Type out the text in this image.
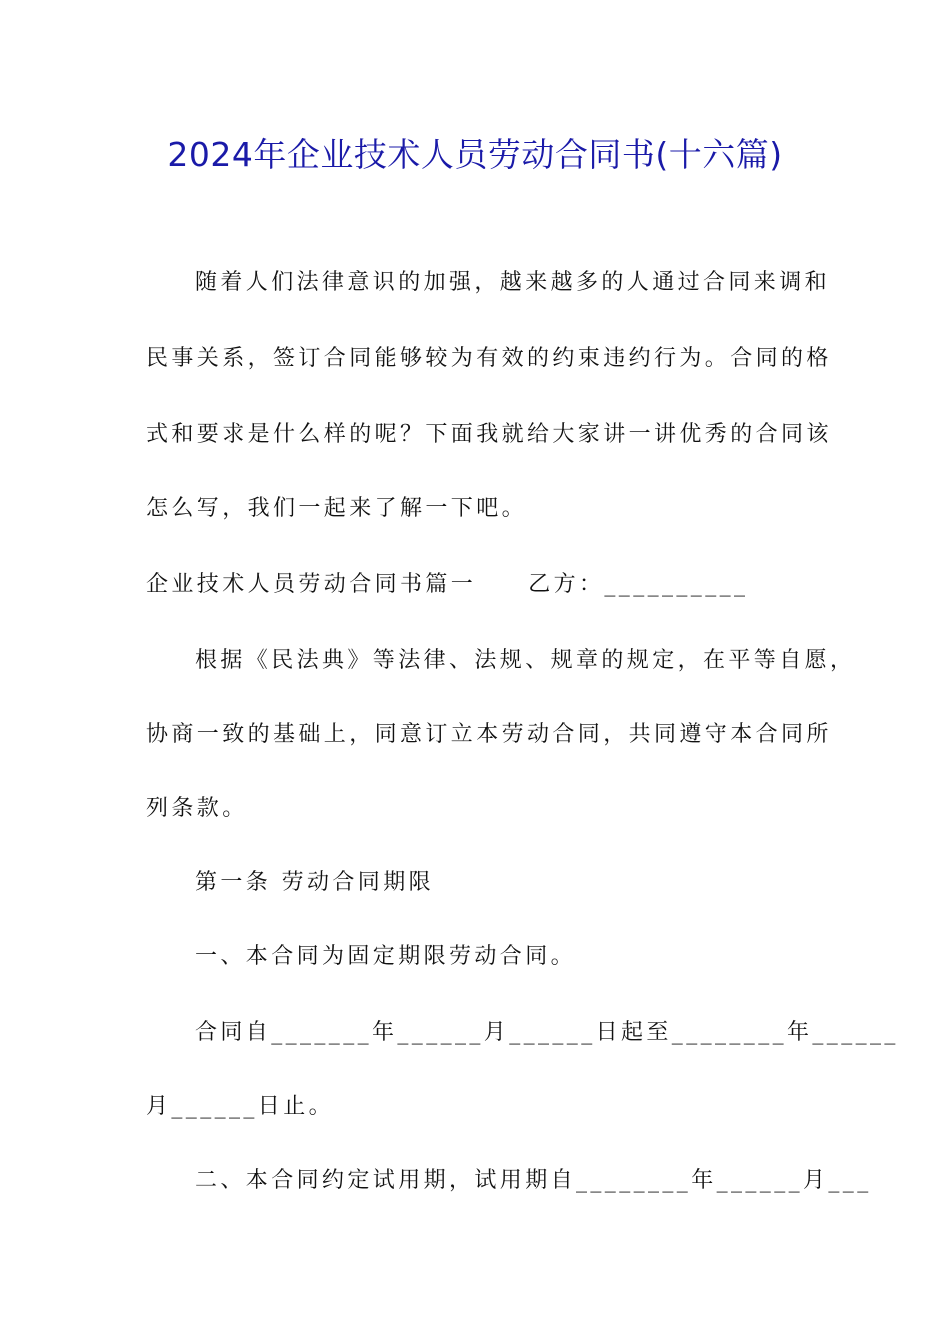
2024年企业技术人员劳动合同书(十六篇)
随着人们法律意识的加强，越来越多的人通过合同来调和
民事关系，签订合同能够较为有效的约束违约行为。合同的格
式和要求是什么样的呢？下面我就给大家讲一讲优秀的合同该
怎么写，我们一起来了解一下吧。
企业技术人员劳动合同书篇一 乙方：__________
根据《民法典》等法律、法规、规章的规定，在平等自愿，
协商一致的基础上，同意订立本劳动合同，共同遵守本合同所
列条款。
第一条 劳动合同期限
一、本合同为固定期限劳动合同。
合同自_______年______月______日起至________年______
月______日止。
二、本合同约定试用期，试用期自________年______月___
